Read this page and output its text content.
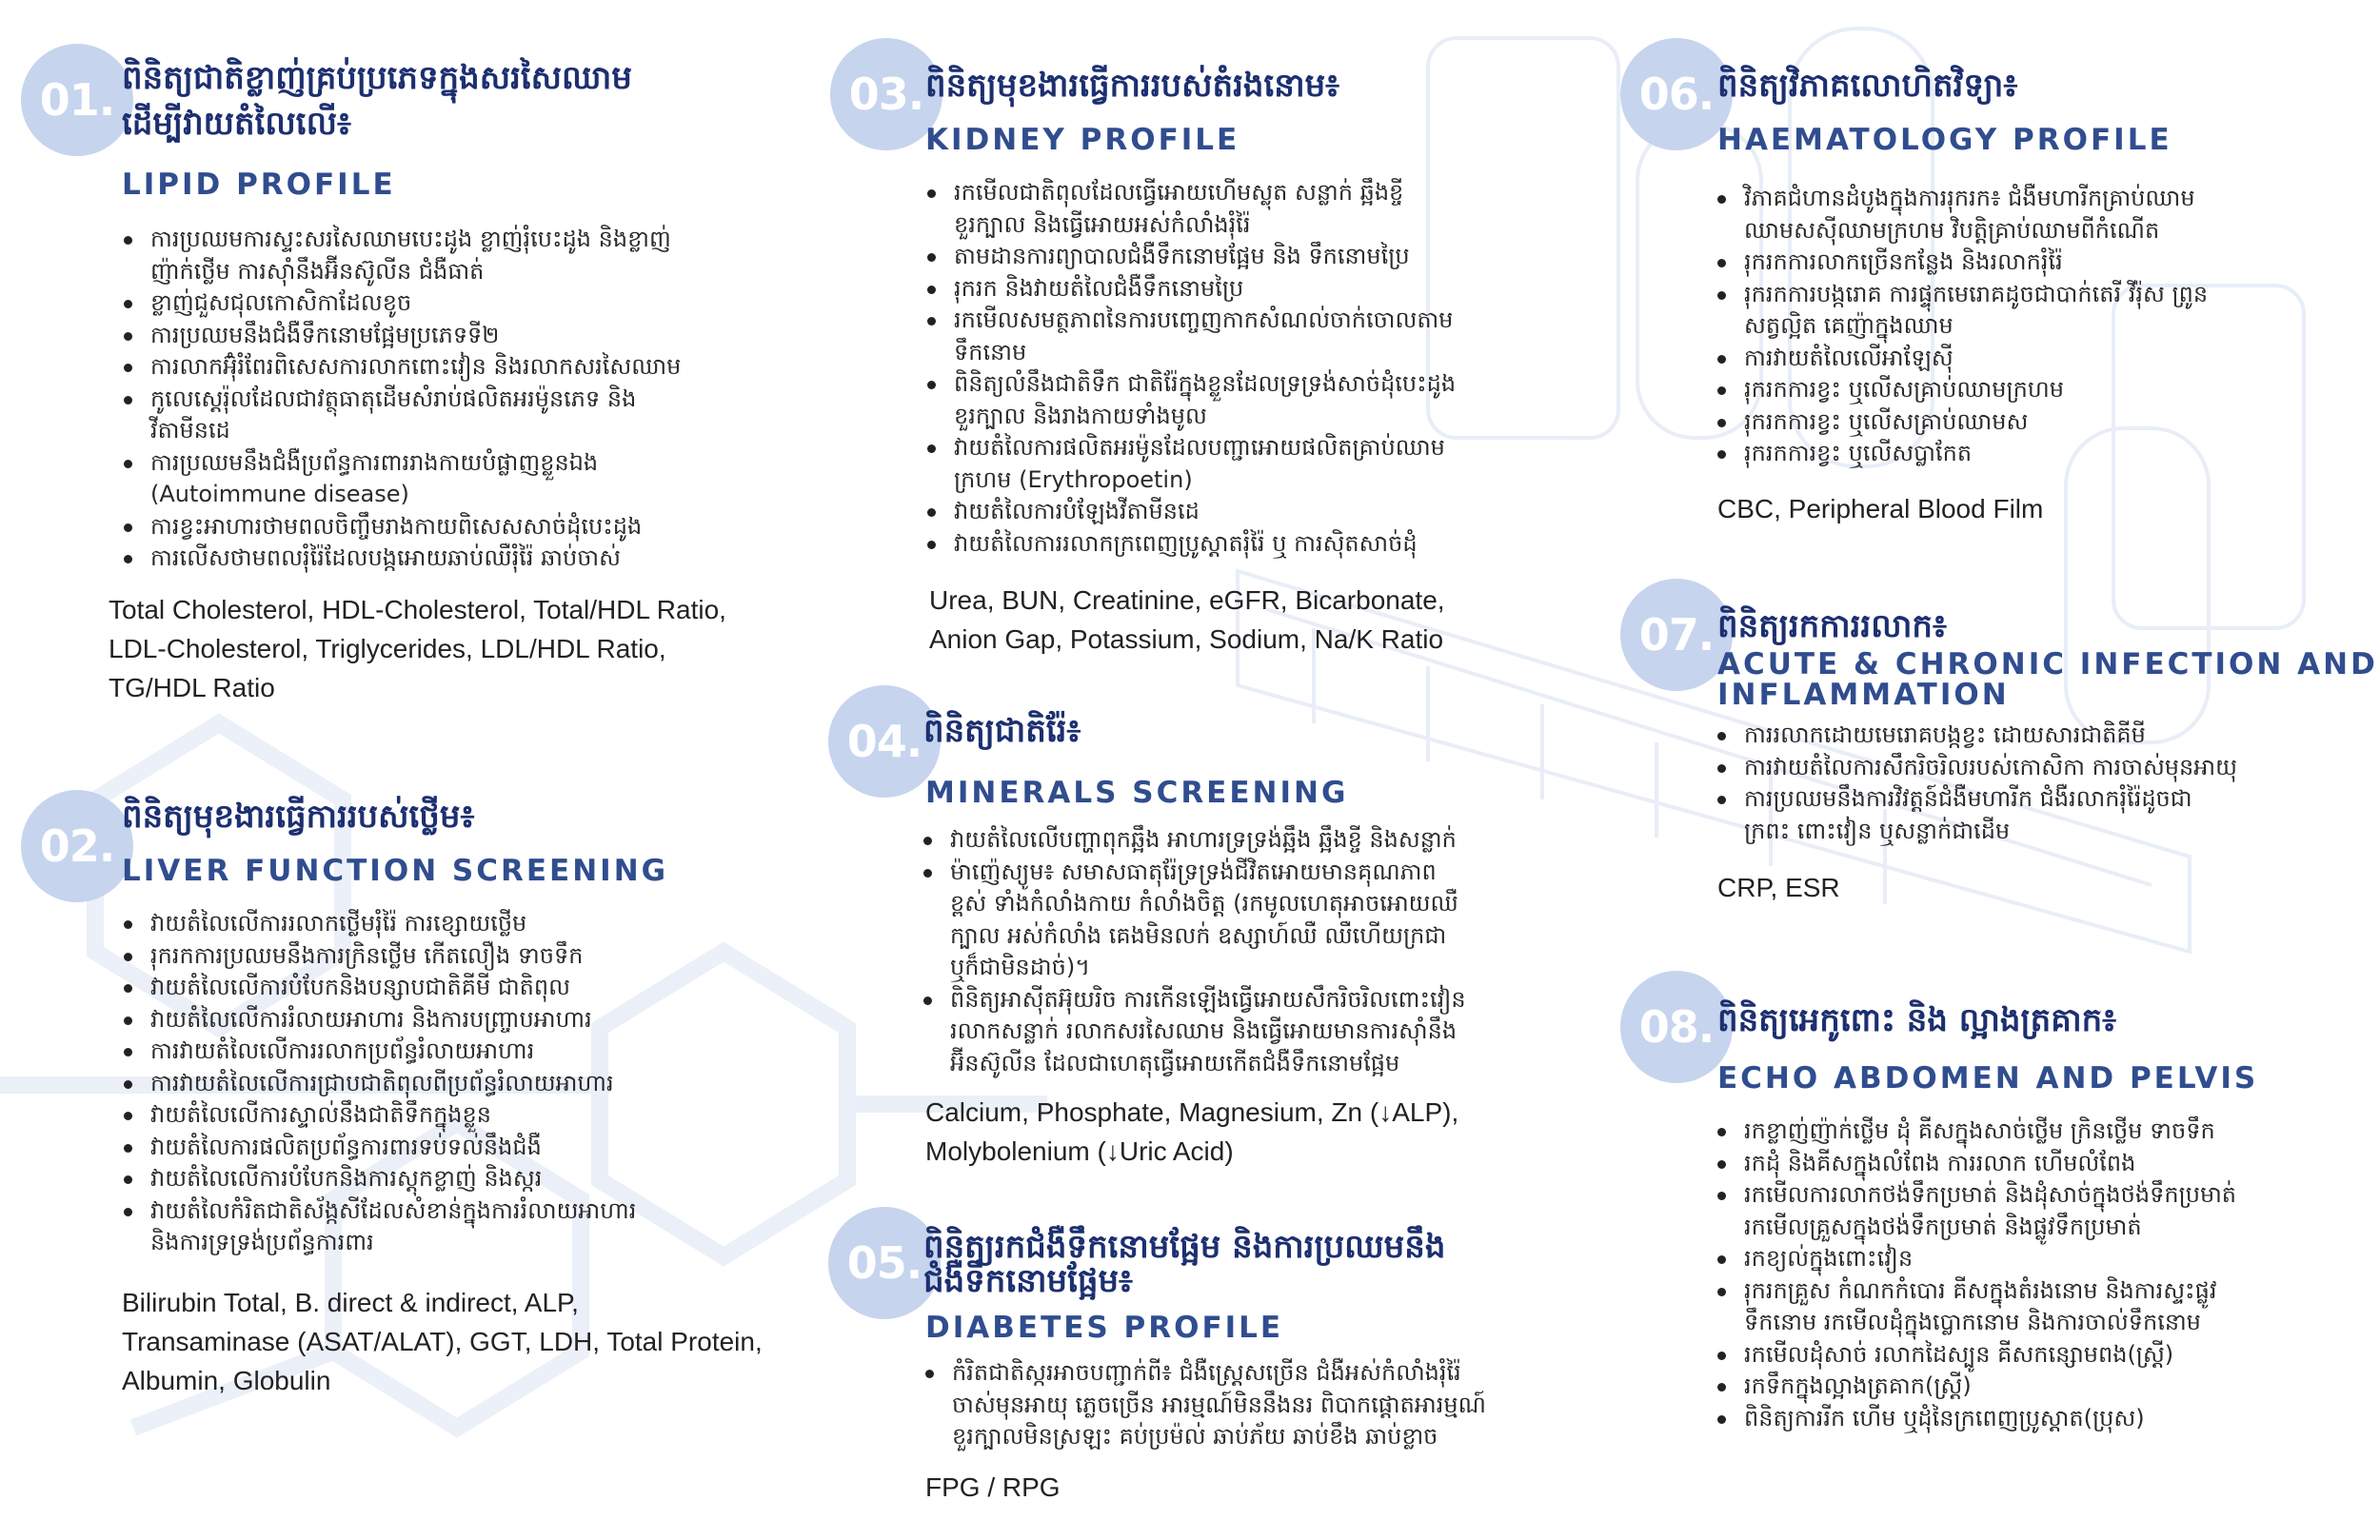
01. ពិនិត្យជាតិខ្លាញ់គ្រប់ប្រភេទក្នុងសរសៃឈាម
ដើម្បីវាយតំលៃលើ៖
LIPID PROFILE
ការប្រឈមការស្ទះសរសៃឈាមបេះដូង ខ្លាញ់រុំបេះដូង និងខ្លាញ់
ញ៉ាក់ថ្លើម ការស៊ាំនឹងអ៊ីនស៊ូលីន ជំងឺធាត់
ខ្លាញ់ជួសជុលកោសិកាដែលខូច
ការប្រឈមនឹងជំងឺទឹកនោមផ្អែមប្រភេទទី២
ការលាកអ៊ុំរំពែរពិសេសការលាកពោះវៀន និងរលាកសរសៃឈាម
កូលេស្តេរ៉ុលដែលជាវត្ថុធាតុដើមសំរាប់ផលិតអរម៉ូនភេទ និង
វីតាមីនដេ
ការប្រឈមនឹងជំងឺប្រព័ន្ធការពាររាងកាយបំផ្លាញខ្លួនឯង
(Autoimmune disease)
ការខ្វះអាហារថាមពលចិញ្ចឹមរាងកាយពិសេសសាច់ដុំបេះដូង
ការលើសថាមពលរុំរ៉ៃដែលបង្កអោយឆាប់ឈឺរុំរ៉ៃ ឆាប់ចាស់
Total Cholesterol, HDL-Cholesterol, Total/HDL Ratio,
LDL-Cholesterol, Triglycerides, LDL/HDL Ratio,
TG/HDL Ratio
02.
ពិនិត្យមុខងារធ្វើការរបស់ថ្លើម៖
LIVER FUNCTION SCREENING
វាយតំលៃលើការរលាកថ្លើមរុំរ៉ៃ ការខ្សោយថ្លើម
រុករកការប្រឈមនឹងការក្រិនថ្លើម កើតលឿង ទាចទឹក
វាយតំលៃលើការបំបែកនិងបន្សាបជាតិគីមី ជាតិពុល
វាយតំលៃលើការរំលាយអាហារ និងការបញ្ច្រាបអាហារ
ការវាយតំលៃលើការរលាកប្រព័ន្ធរំលាយអាហារ
ការវាយតំលៃលើការជ្រាបជាតិពុលពីប្រព័ន្ធរំលាយអាហារ
វាយតំលៃលើការស្ទាល់នឹងជាតិទឹកក្នុងខ្លួន
វាយតំលៃការផលិតប្រព័ន្ធការពារទប់ទល់នឹងជំងឺ
វាយតំលៃលើការបំបែកនិងការស្តុកខ្លាញ់ និងស្ករ
វាយតំលៃកំរិតជាតិស័ង្កសីដែលសំខាន់ក្នុងការរំលាយអាហារ
និងការទ្រទ្រង់ប្រព័ន្ធការពារ
Bilirubin Total, B. direct & indirect, ALP,
Transaminase (ASAT/ALAT), GGT, LDH, Total Protein,
Albumin, Globulin
03. ពិនិត្យមុខងារធ្វើការរបស់តំរងនោម៖
KIDNEY PROFILE
រកមើលជាតិពុលដែលធ្វើអោយហើមស្លុត សន្លាក់ ឆ្អឹងខ្ចី
ខួរក្បាល និងធ្វើអោយអស់កំលាំងរុំរ៉ៃ
តាមដានការព្យាបាលជំងឺទឹកនោមផ្អែម និង ទឹកនោមប្រៃ
រុករក និងវាយតំលៃជំងឺទឹកនោមប្រៃ
រកមើលសមត្ថភាពនៃការបញ្ចេញកាកសំណល់ចាក់ចោលតាម
ទឹកនោម
ពិនិត្យលំនឹងជាតិទឹក ជាតិរ៉ែក្នុងខ្លួនដែលទ្រទ្រង់សាច់ដុំបេះដូង
ខួរក្បាល និងរាងកាយទាំងមូល
វាយតំលៃការផលិតអរម៉ូនដែលបញ្ជាអោយផលិតគ្រាប់ឈាម
ក្រហម (Erythropoetin)
វាយតំលៃការបំឡែងវីតាមីនដេ
វាយតំលៃការរលាកក្រពេញប្រូស្តាតរុំរ៉ៃ ឬ ការស៊ិតសាច់ដុំ
Urea, BUN, Creatinine, eGFR, Bicarbonate,
Anion Gap, Potassium, Sodium, Na/K Ratio
04. ពិនិត្យជាតិរ៉ែ៖
MINERALS SCREENING
វាយតំលៃលើបញ្ហាពុកឆ្អឹង អាហារទ្រទ្រង់ឆ្អឹង ឆ្អឹងខ្ចី និងសន្លាក់
ម៉ាញ៉េស្យូម៖ សមាសធាតុរ៉ែទ្រទ្រង់ជីវិតអោយមានគុណភាព
ខ្ពស់ ទាំងកំលាំងកាយ កំលាំងចិត្ត (រកមូលហេតុអាចអោយឈឺ
ក្បាល អស់កំលាំង គេងមិនលក់ ឧស្សាហ៍ឈឺ ឈឺហើយក្រជា
ឬក៏ជាមិនដាច់)។
ពិនិត្យអាស៊ីតអ៊ុយរិច ការកើនឡើងធ្វើអោយសឹករិចរិលពោះវៀន
រលាកសន្លាក់ រលាកសរសៃឈាម និងធ្វើអោយមានការស៊ាំនឹង
អ៊ីនស៊ូលីន ដែលជាហេតុធ្វើអោយកើតជំងឺទឹកនោមផ្អែម
Calcium, Phosphate, Magnesium, Zn (↓ALP),
Molybolenium (↓Uric Acid)
05. ពិនិត្យរកជំងឺទឹកនោមផ្អែម និងការប្រឈមនឹង
ជំងឺទឹកនោមផ្អែម៖
DIABETES PROFILE
កំរិតជាតិស្ករអាចបញ្ជាក់ពី៖ ជំងឺស្ត្រេសច្រើន ជំងឺអស់កំលាំងរុំរ៉ៃ
ចាស់មុនអាយុ ភ្លេចច្រើន អារម្មណ៍មិននឹងនរ ពិបាកផ្តោតអារម្មណ៍
ខួរក្បាលមិនស្រឡះ គប់ប្រម៉ល់ ឆាប់ភ័យ ឆាប់ខឹង ឆាប់ខ្លាច
FPG / RPG
06. ពិនិត្យវិភាគលោហិតវិទ្យា៖
HAEMATOLOGY PROFILE
វិភាគជំហានដំបូងក្នុងការរុករក៖ ជំងឺមហារីកគ្រាប់ឈាម
ឈាមសស៊ីឈាមក្រហម វិបត្តិគ្រាប់ឈាមពីកំណើត
រុករកការលាកច្រើនកន្លែង និងរលាករុំរ៉ៃ
រុករកការបង្ករោគ ការផ្ទុកមេរោគដូចជាបាក់តេរី វីរ៉ុស ព្រូន
សត្វល្អិត គេញ៉ាក្នុងឈាម
ការវាយតំលៃលើអាឡែស៊ី
រុករកការខ្វះ ឬលើសគ្រាប់ឈាមក្រហម
រុករកការខ្វះ ឬលើសគ្រាប់ឈាមស
រុករកការខ្វះ ឬលើសប្លាកែត
CBC, Peripheral Blood Film
07. ពិនិត្យរកការរលាក៖
ACUTE & CHRONIC INFECTION AND
INFLAMMATION
ការរលាកដោយមេរោគបង្កខ្វះ ដោយសារជាតិគីមី
ការវាយតំលៃការសឹករិចរិលរបស់កោសិកា ការចាស់មុនអាយុ
ការប្រឈមនឹងការវិវត្តន៍ជំងឺមហារីក ជំងឺរលាករុំរ៉ៃដូចជា
ក្រពះ ពោះវៀន ឬសន្លាក់ជាដើម
CRP, ESR
08. ពិនិត្យអេកូពោះ និង ល្អាងត្រគាក៖
ECHO ABDOMEN AND PELVIS
រកខ្លាញ់ញ៉ាក់ថ្លើម ដុំ គីសក្នុងសាច់ថ្លើម ក្រិនថ្លើម ទាចទឹក
រកដុំ និងគីសក្នុងលំពែង ការរលាក ហើមលំពែង
រកមើលការលាកថង់ទឹកប្រមាត់ និងដុំសាច់ក្នុងថង់ទឹកប្រមាត់
រកមើលគ្រួសក្នុងថង់ទឹកប្រមាត់ និងផ្លូវទឹកប្រមាត់
រកខ្យល់ក្នុងពោះវៀន
រុករកគ្រួស កំណកកំបោរ គីសក្នុងតំរងនោម និងការស្ទះផ្លូវ
ទឹកនោម រកមើលដុំក្នុងប្លោកនោម និងការចាល់ទឹកនោម
រកមើលដុំសាច់ រលាកដៃស្បូន គីសកន្សោមពង(ស្ត្រី)
រកទឹកក្នុងល្អាងត្រគាក(ស្ត្រី)
ពិនិត្យការរីក ហើម ឬដុំនៃក្រពេញប្រូស្តាត(ប្រុស)
